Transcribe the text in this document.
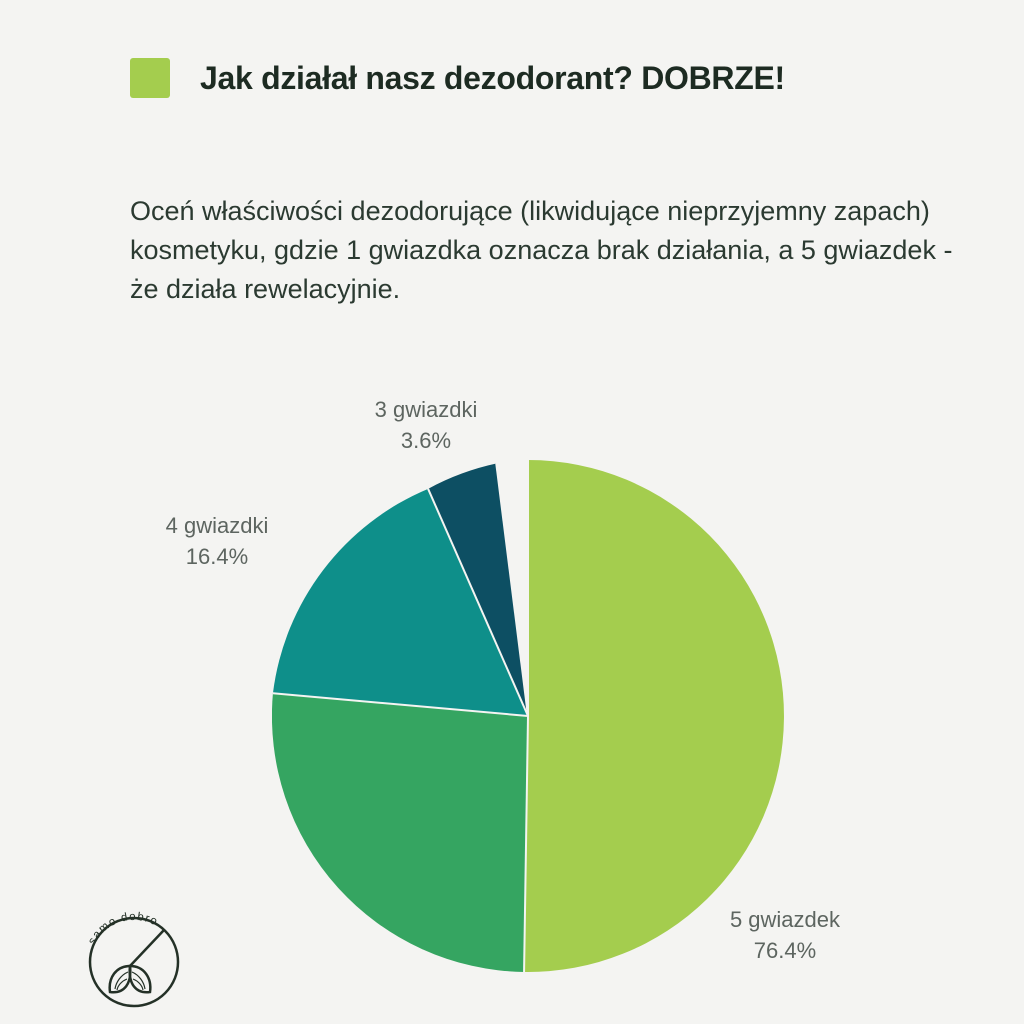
Jak działał nasz dezodorant? DOBRZE!
Oceń właściwości dezodorujące (likwidujące nieprzyjemny zapach) kosmetyku, gdzie 1 gwiazdka oznacza brak działania, a 5 gwiazdek - że działa rewelacyjnie.
3 gwiazdki
3.6%
4 gwiazdki
16.4%
5 gwiazdek
76.4%
samo dobro
